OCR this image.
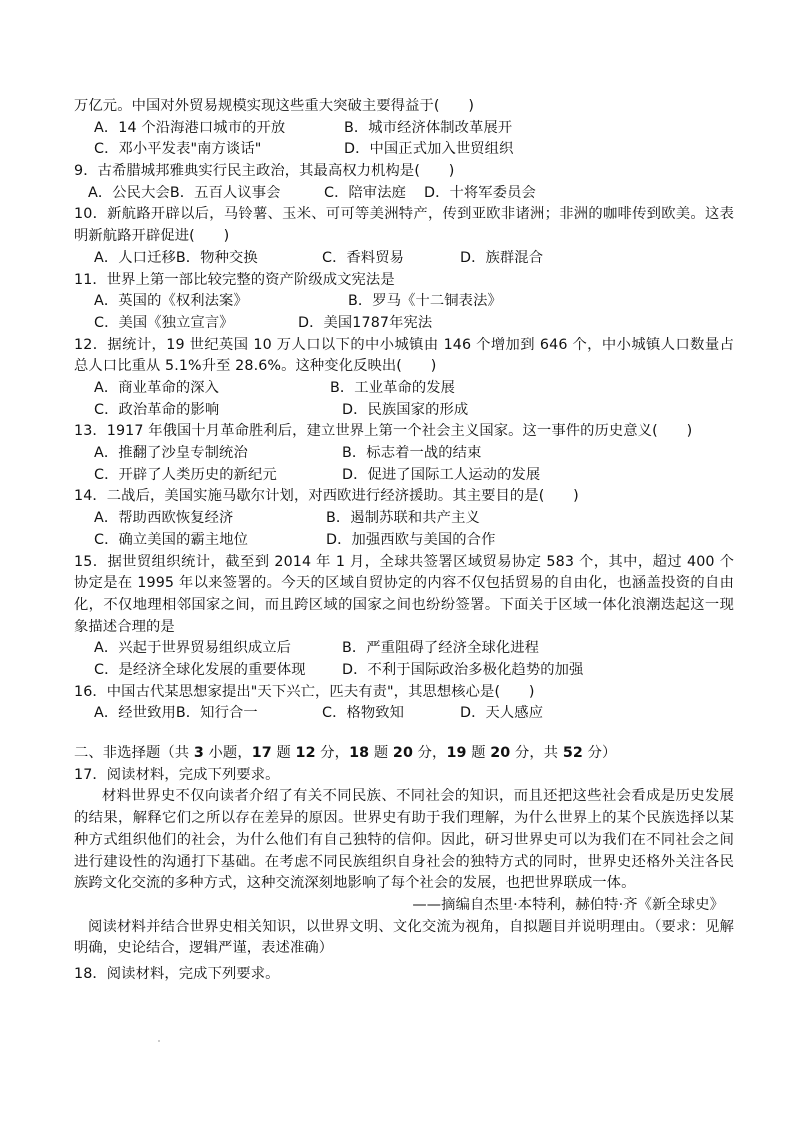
万亿元。中国对外贸易规模实现这些重大突破主要得益于(　　)
A．14 个沿海港口城市的开放	B．城市经济体制改革展开
C．邓小平发表"南方谈话"	D．中国正式加入世贸组织
9．古希腊城邦雅典实行民主政治，其最高权力机构是(　　)
A．公民大会B．五百人议事会	C．陪审法庭 D．十将军委员会
10．新航路开辟以后，马铃薯、玉米、可可等美洲特产，传到亚欧非诸洲；非洲的咖啡传到欧美。这表明新航路开辟促进(　　)
A．人口迁移B．物种交换	C．香料贸易	D．族群混合
11．世界上第一部比较完整的资产阶级成文宪法是
A．英国的《权利法案》	B．罗马《十二铜表法》
C．美国《独立宣言》	D．美国1787年宪法
12．据统计，19 世纪英国 10 万人口以下的中小城镇由 146 个增加到 646 个，中小城镇人口数量占总人口比重从 5.1%升至 28.6%。这种变化反映出(　　)
A．商业革命的深入	B．工业革命的发展
C．政治革命的影响	D．民族国家的形成
13．1917 年俄国十月革命胜利后，建立世界上第一个社会主义国家。这一事件的历史意义(　　)
A．推翻了沙皇专制统治	B．标志着一战的结束
C．开辟了人类历史的新纪元	D．促进了国际工人运动的发展
14．二战后，美国实施马歇尔计划，对西欧进行经济援助。其主要目的是(　　)
A．帮助西欧恢复经济	B．遏制苏联和共产主义
C．确立美国的霸主地位	D．加强西欧与美国的合作
15．据世贸组织统计，截至到 2014 年 1 月，全球共签署区域贸易协定 583 个，其中，超过 400 个协定是在 1995 年以来签署的。今天的区域自贸协定的内容不仅包括贸易的自由化，也涵盖投资的自由化，不仅地理相邻国家之间，而且跨区域的国家之间也纷纷签署。下面关于区域一体化浪潮迭起这一现象描述合理的是
A．兴起于世界贸易组织成立后	B．严重阻碍了经济全球化进程
C．是经济全球化发展的重要体现	D．不利于国际政治多极化趋势的加强
16．中国古代某思想家提出"天下兴亡，匹夫有责"，其思想核心是(　　)
A．经世致用B．知行合一	C．格物致知	D．天人感应
二、非选择题（共 3 小题，17 题 12 分，18 题 20 分，19 题 20 分，共 52 分）
17．阅读材料，完成下列要求。
材料世界史不仅向读者介绍了有关不同民族、不同社会的知识，而且还把这些社会看成是历史发展的结果，解释它们之所以存在差异的原因。世界史有助于我们理解，为什么世界上的某个民族选择以某种方式组织他们的社会，为什么他们有自己独特的信仰。因此，研习世界史可以为我们在不同社会之间进行建设性的沟通打下基础。在考虑不同民族组织自身社会的独特方式的同时，世界史还格外关注各民族跨文化交流的多种方式，这种交流深刻地影响了每个社会的发展，也把世界联成一体。
——摘编自杰里·本特利，赫伯特·齐《新全球史》
阅读材料并结合世界史相关知识，以世界文明、文化交流为视角，自拟题目并说明理由。（要求：见解明确，史论结合，逻辑严谨，表述准确）
18．阅读材料，完成下列要求。
